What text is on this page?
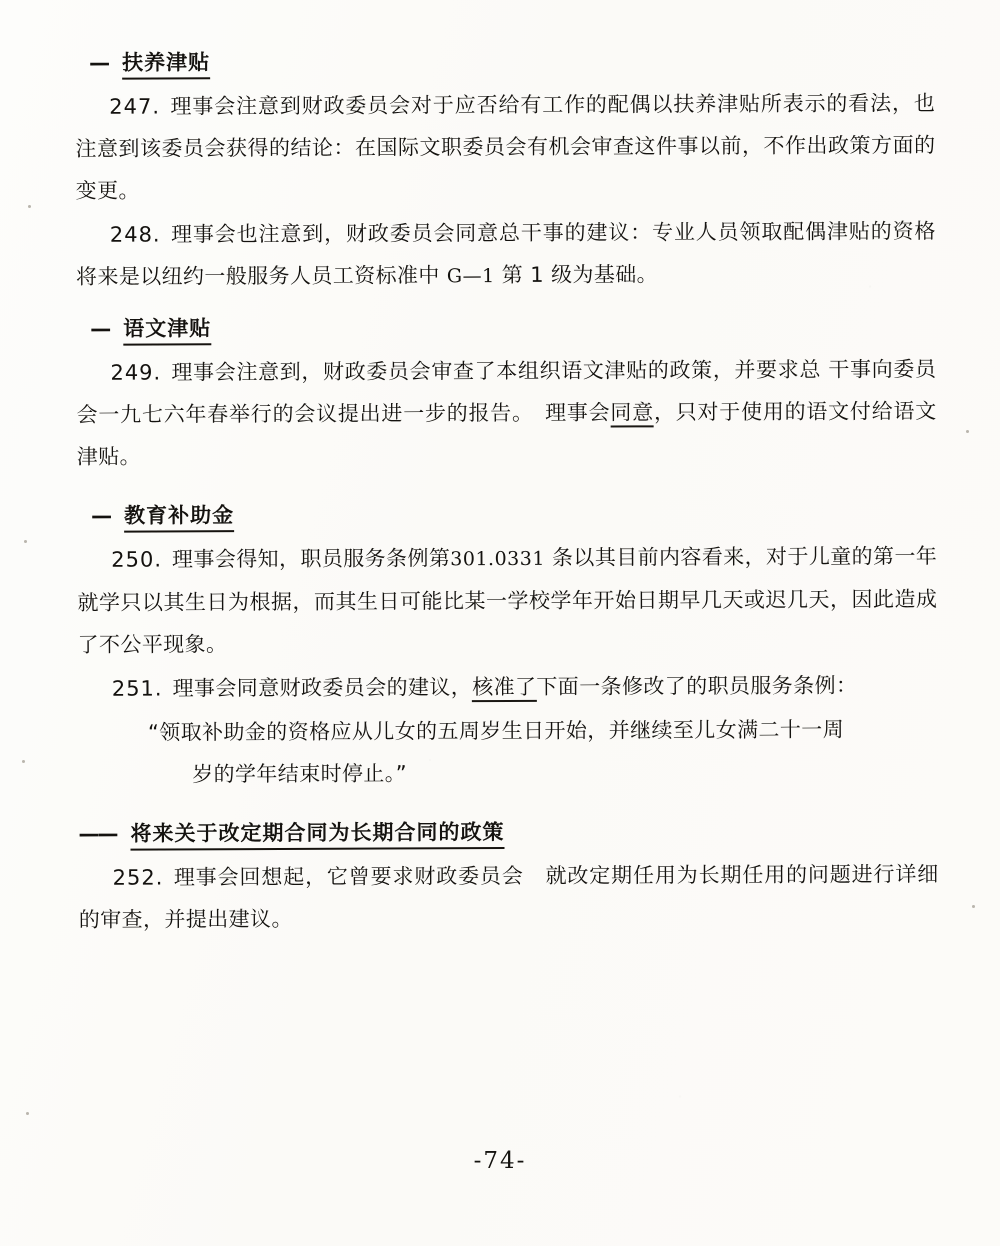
— 扶养津贴

247. 理事会注意到财政委员会对于应否给有工作的配偶以扶养津贴所表示的看法，也注意到该委员会获得的结论：在国际文职委员会有机会审查这件事以前，不作出政策方面的变更。

248. 理事会也注意到，财政委员会同意总干事的建议：专业人员领取配偶津贴的资格将来是以纽约一般服务人员工资标准中 G—1 第 1 级为基础。

— 语文津贴

249. 理事会注意到，财政委员会审查了本组织语文津贴的政策，并要求总 干事向委员会一九七六年春举行的会议提出进一步的报告。　理事会同意，只对于使用的语文付给语文津贴。

— 教育补助金

250. 理事会得知，职员服务条例第301.0331 条以其目前内容看来，对于儿童的第一年就学只以其生日为根据，而其生日可能比某一学校学年开始日期早几天或迟几天，因此造成了不公平现象。

251. 理事会同意财政委员会的建议，核准了下面一条修改了的职员服务条例：

“领取补助金的资格应从儿女的五周岁生日开始，并继续至儿女满二十一周
岁的学年结束时停止。”
—— 将来关于改定期合同为长期合同的政策

252. 理事会回想起，它曾要求财政委员会　就改定期任用为长期任用的问题进行详细的审查，并提出建议。

-74-
